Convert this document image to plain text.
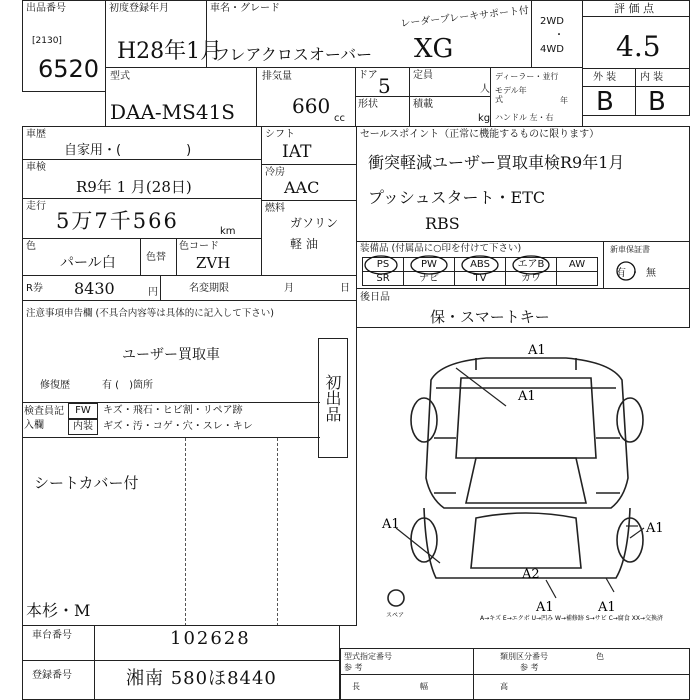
出品番号
[2130]
6520
初度登録年月
H28年1月
車名・グレード
フレアクロスオーバー XG
レーダーブレーキサポート付 2WD
・
4WD
評 価 点
4.5
外 装 内 装
B B
型式
DAA-MS41S
排気量
660
cc
ドア 5 定員
人
形状	積載
kg
ディーラー・並行
モデル年式	年
ハンドル 左・右
車歴
自家用・(　　　　　)
車検
R9年 1 月(28日)
走行
5万7千566	km
色
パール白	色替
色コード
ZVH
シフト
IAT
冷房
AAC
燃料
ガソリン
軽 油
R券 8430	円	名変期限	月	日
注意事項申告欄 (不具合内容等は具体的に記入して下さい)
ユーザー買取車
初出品
修復歴	有 (　)箇所
検査員記入欄
FW	キズ・飛石・ヒビ割・リペア跡
内装	ギズ・汚・コゲ・穴・スレ・キレ
シートカバー付
本杉・M
セールスポイント（正常に機能するものに限ります）
衝突軽減ユーザー買取車検R9年1月
プッシュスタート・ETC
RBS
装備品 (付属品に○印を付けて下さい)
PS	PW	ABS	エアB	AW
SR	ナビ	TV	カワ
新車保証書
有 ・ 無
後日品
保・スマートキー
A1
A1
A1	A1
A2
A1	A1
スペア	A→キズ E→エクボ U→凹み W→補修跡 S→サビ C→腐食 XX→交換済
車台番号	102628
登録番号	湘南 580ほ8440
型式指定番号
参 考
長	幅
類別区分番号
参 考
色
高
